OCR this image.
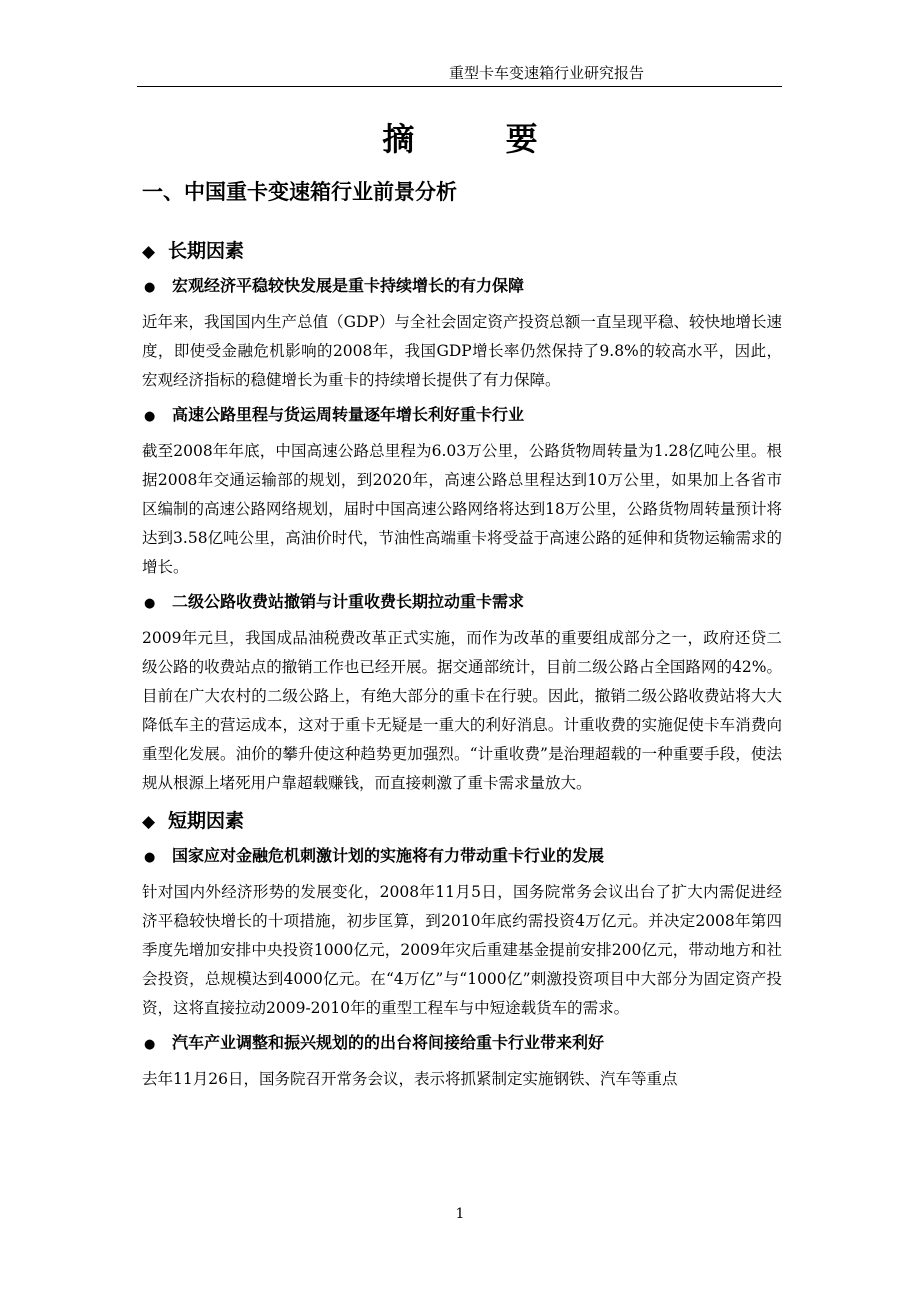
重型卡车变速箱行业研究报告
摘 要
一、中国重卡变速箱行业前景分析
◆ 长期因素
● 宏观经济平稳较快发展是重卡持续增长的有力保障
近年来，我国国内生产总值（GDP）与全社会固定资产投资总额一直呈现平稳、较快地增长速度，即使受金融危机影响的2008年，我国GDP增长率仍然保持了9.8%的较高水平，因此，宏观经济指标的稳健增长为重卡的持续增长提供了有力保障。
● 高速公路里程与货运周转量逐年增长利好重卡行业
截至2008年年底，中国高速公路总里程为6.03万公里，公路货物周转量为1.28亿吨公里。根据2008年交通运输部的规划，到2020年，高速公路总里程达到10万公里，如果加上各省市区编制的高速公路网络规划，届时中国高速公路网络将达到18万公里，公路货物周转量预计将达到3.58亿吨公里，高油价时代，节油性高端重卡将受益于高速公路的延伸和货物运输需求的增长。
● 二级公路收费站撤销与计重收费长期拉动重卡需求
2009年元旦，我国成品油税费改革正式实施，而作为改革的重要组成部分之一，政府还贷二级公路的收费站点的撤销工作也已经开展。据交通部统计，目前二级公路占全国路网的42%。目前在广大农村的二级公路上，有绝大部分的重卡在行驶。因此，撤销二级公路收费站将大大降低车主的营运成本，这对于重卡无疑是一重大的利好消息。计重收费的实施促使卡车消费向重型化发展。油价的攀升使这种趋势更加强烈。“计重收费”是治理超载的一种重要手段，使法规从根源上堵死用户靠超载赚钱，而直接刺激了重卡需求量放大。
◆ 短期因素
● 国家应对金融危机刺激计划的实施将有力带动重卡行业的发展
针对国内外经济形势的发展变化，2008年11月5日，国务院常务会议出台了扩大内需促进经济平稳较快增长的十项措施，初步匡算，到2010年底约需投资4万亿元。并决定2008年第四季度先增加安排中央投资1000亿元，2009年灾后重建基金提前安排200亿元，带动地方和社会投资，总规模达到4000亿元。在“4万亿”与“1000亿”刺激投资项目中大部分为固定资产投资，这将直接拉动2009-2010年的重型工程车与中短途载货车的需求。
● 汽车产业调整和振兴规划的的出台将间接给重卡行业带来利好
去年11月26日，国务院召开常务会议，表示将抓紧制定实施钢铁、汽车等重点
1
